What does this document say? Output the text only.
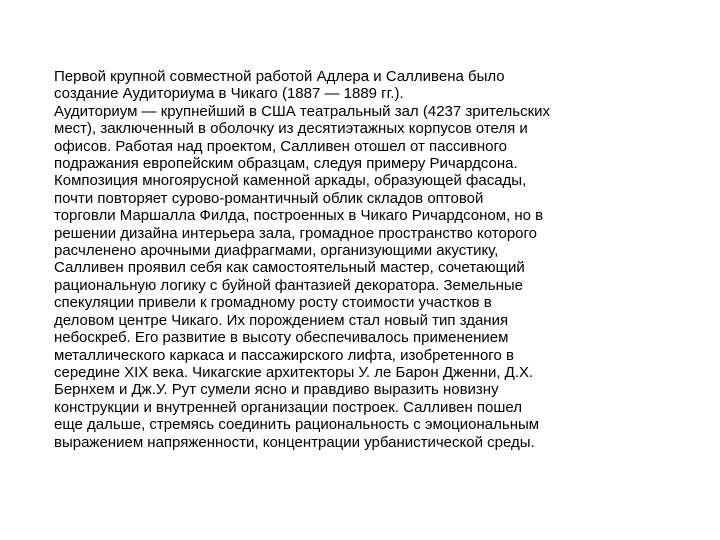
Первой крупной совместной работой Адлера и Салливена было
создание Аудиториума в Чикаго (1887 — 1889 гг.).

Аудиториум — крупнейший в США театральный зал (4237 зрительских
мест), заключенный в оболочку из десятиэтажных корпусов отеля и
офисов. Работая над проектом, Салливен отошел от пассивного
подражания европейским образцам, следуя примеру Ричардсона.
Композиция многоярусной каменной аркады, образующей фасады,
почти повторяет сурово-романтичный облик складов оптовой
торговли Маршалла Филда, построенных в Чикаго Ричардсоном, но в
решении дизайна интерьера зала, громадное пространство которого
расчленено арочными диафрагмами, организующими акустику,
Салливен проявил себя как самостоятельный мастер, сочетающий
рациональную логику с буйной фантазией декоратора. Земельные
спекуляции привели к громадному росту стоимости участков в
деловом центре Чикаго. Их порождением стал новый тип здания
небоскреб. Его развитие в высоту обеспечивалось применением
металлического каркаса и пассажирского лифта, изобретенного в
середине XIX века. Чикагские архитекторы У. ле Барон Дженни, Д.Х.
Бернхем и Дж.У. Рут сумели ясно и правдиво выразить новизну
конструкции и внутренней организации построек. Салливен пошел
еще дальше, стремясь соединить рациональность с эмоциональным
выражением напряженности, концентрации урбанистической среды.
